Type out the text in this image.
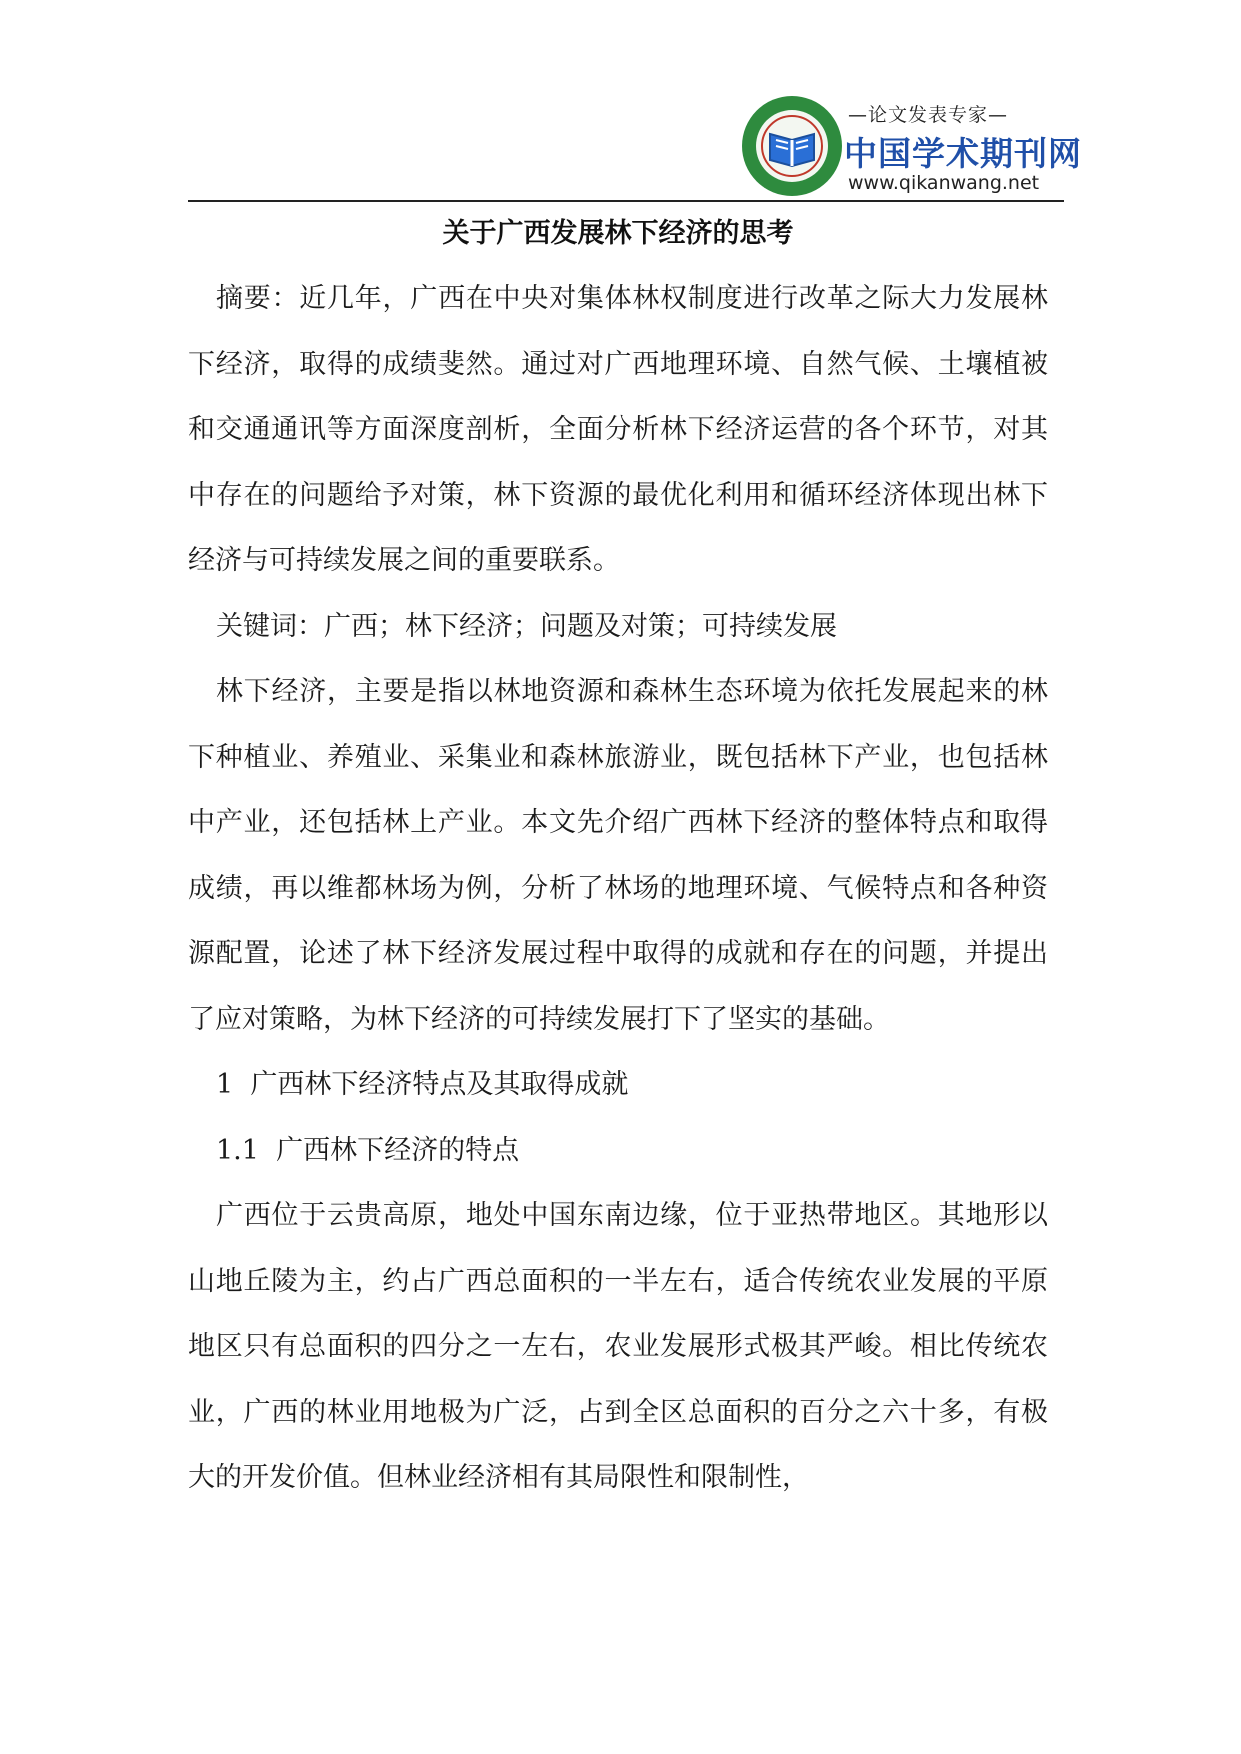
—论文发表专家—
中国学术期刊网
www.qikanwang.net
关于广西发展林下经济的思考

摘要：近几年，广西在中央对集体林权制度进行改革之际大力发展林下经济，取得的成绩斐然。通过对广西地理环境、自然气候、土壤植被和交通通讯等方面深度剖析，全面分析林下经济运营的各个环节，对其中存在的问题给予对策，林下资源的最优化利用和循环经济体现出林下经济与可持续发展之间的重要联系。

关键词：广西；林下经济；问题及对策；可持续发展

林下经济，主要是指以林地资源和森林生态环境为依托发展起来的林下种植业、养殖业、采集业和森林旅游业，既包括林下产业，也包括林中产业，还包括林上产业。本文先介绍广西林下经济的整体特点和取得成绩，再以维都林场为例，分析了林场的地理环境、气候特点和各种资源配置，论述了林下经济发展过程中取得的成就和存在的问题，并提出了应对策略，为林下经济的可持续发展打下了坚实的基础。

1  广西林下经济特点及其取得成就

1.1  广西林下经济的特点

广西位于云贵高原，地处中国东南边缘，位于亚热带地区。其地形以山地丘陵为主，约占广西总面积的一半左右，适合传统农业发展的平原地区只有总面积的四分之一左右，农业发展形式极其严峻。相比传统农业，广西的林业用地极为广泛，占到全区总面积的百分之六十多，有极大的开发价值。但林业经济相有其局限性和限制性，
